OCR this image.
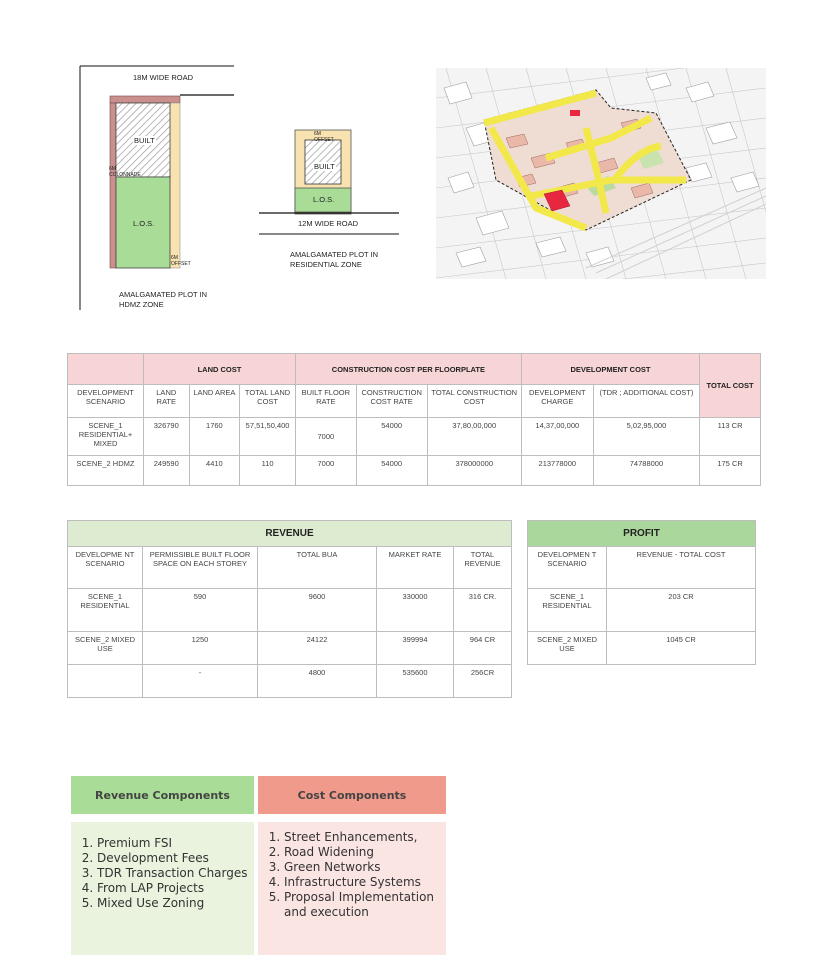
18M WIDE ROAD
BUILT
6M COLONNADE
L.O.S.
6M OFFSET
AMALGAMATED PLOT IN
HDMZ ZONE
6M OFFSET
BUILT
L.O.S.
12M WIDE ROAD
AMALGAMATED PLOT IN
RESIDENTIAL ZONE
	LAND COST			CONSTRUCTION COST PER FLOORPLATE			DEVELOPMENT COST		TOTAL COST
DEVELOPMENT SCENARIO	LAND RATE	LAND AREA	TOTAL LAND COST	BUILT FLOOR RATE	CONSTRUCTION COST RATE	TOTAL CONSTRUCTION COST	DEVELOPMENT CHARGE	(TDR ; ADDITIONAL COST)	
SCENE_1 RESIDENTIAL+ MIXED	326790	1760	57,51,50,400	7000	54000	37,80,00,000	14,37,00,000	5,02,95,000	113 CR
SCENE_2 HDMZ	249590	4410	110	7000	54000	378000000	213778000	74788000	175 CR
REVENUE				
DEVELOPME NT SCENARIO	PERMISSIBLE BUILT FLOOR SPACE ON EACH STOREY	TOTAL BUA	MARKET RATE	TOTAL REVENUE
SCENE_1 RESIDENTIAL	590	9600	330000	316 CR.
SCENE_2 MIXED USE	1250	24122	399994	964 CR
	-	4800	535600	256CR
PROFIT	
DEVELOPMEN T SCENARIO	REVENUE - TOTAL COST
SCENE_1 RESIDENTIAL	203 CR
SCENE_2 MIXED USE	1045 CR
Revenue Components
1. Premium FSI
2. Development Fees
3. TDR Transaction Charges
4. From LAP Projects
5. Mixed Use Zoning
Cost Components
1. Street Enhancements,
2. Road Widening
3. Green Networks
4. Infrastructure Systems
5. Proposal Implementation and execution
